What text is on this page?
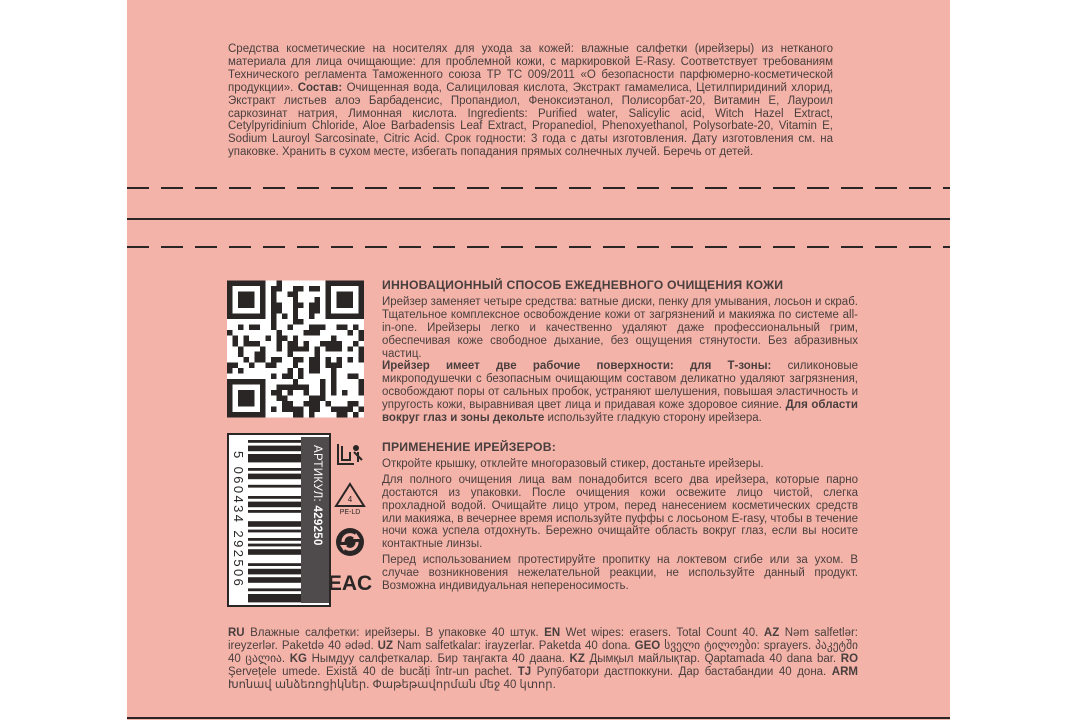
Средства косметические на носителях для ухода за кожей: влажные салфетки (ирейзеры) из нетканого материала для лица очищающие: для проблемной кожи, с маркировкой E-Rasy. Соответствует требованиям Технического регламента Таможенного союза ТР ТС 009/2011 «О безопасности парфюмерно-косметической продукции». Состав: Очищенная вода, Салициловая кислота, Экстракт гамамелиса, Цетилпиридиний хлорид, Экстракт листьев алоэ Барбаденсис, Пропандиол, Феноксиэтанол, Полисорбат-20, Витамин Е, Лауроил саркозинат натрия, Лимонная кислота. Ingredients: Purified water, Salicylic acid, Witch Hazel Extract, Cetylpyridinium Chloride, Aloe Barbadensis Leaf Extract, Propanediol, Phenoxyethanol, Polysorbate-20, Vitamin E, Sodium Lauroyl Sarcosinate, Citric Acid. Срок годности: 3 года с даты изготовления. Дату изготовления см. на упаковке. Хранить в сухом месте, избегать попадания прямых солнечных лучей. Беречь от детей.
5 060434 292506	АРТИКУЛ: 429250
4
PE-LD
EAC

ИННОВАЦИОННЫЙ СПОСОБ ЕЖЕДНЕВНОГО ОЧИЩЕНИЯ КОЖИ

Ирейзер заменяет четыре средства: ватные диски, пенку для умывания, лосьон и скраб. Тщательное комплексное освобождение кожи от загрязнений и макияжа по системе all-in-one. Ирейзеры легко и качественно удаляют даже профессиональный грим, обеспечивая коже свободное дыхание, без ощущения стянутости. Без абразивных частиц.

Ирейзер имеет две рабочие поверхности: для Т-зоны: силиконовые микроподушечки с безопасным очищающим составом деликатно удаляют загрязнения, освобождают поры от сальных пробок, устраняют шелушения, повышая эластичность и упругость кожи, выравнивая цвет лица и придавая коже здоровое сияние. Для области вокруг глаз и зоны декольте используйте гладкую сторону ирейзера.

ПРИМЕНЕНИЕ ИРЕЙЗЕРОВ:

Откройте крышку, отклейте многоразовый стикер, достаньте ирейзеры.

Для полного очищения лица вам понадобится всего два ирейзера, которые парно достаются из упаковки. После очищения кожи освежите лицо чистой, слегка прохладной водой. Очищайте лицо утром, перед нанесением косметических средств или макияжа, в вечернее время используйте пуффы с лосьоном E-rasy, чтобы в течение ночи кожа успела отдохнуть. Бережно очищайте область вокруг глаз, если вы носите контактные линзы.

Перед использованием протестируйте пропитку на локтевом сгибе или за ухом. В случае возникновения нежелательной реакции, не используйте данный продукт. Возможна индивидуальная непереносимость.

RU Влажные салфетки: ирейзеры. В упаковке 40 штук. EN Wet wipes: erasers. Total Count 40. AZ Nəm salfetlər: ireyzerlər. Paketdə 40 ədəd. UZ Nam salfetkalar: irayzerlar. Paketda 40 dona. GEO სველი ტილოები: sprayers. პაკეტში 40 ცალია. KG Нымдуу салфеткалар. Бир таңгакта 40 даана. KZ Дымқыл майлықтар. Qaptamada 40 dana bar. RO Şervețele umede. Există 40 de bucăți într-un pachet. TJ Рупӯбатори дастпоккуни. Дар бастабандии 40 дона. ARM Խոնավ անձեռոցիկներ. Փաթեթավորման մեջ 40 կտոր.
